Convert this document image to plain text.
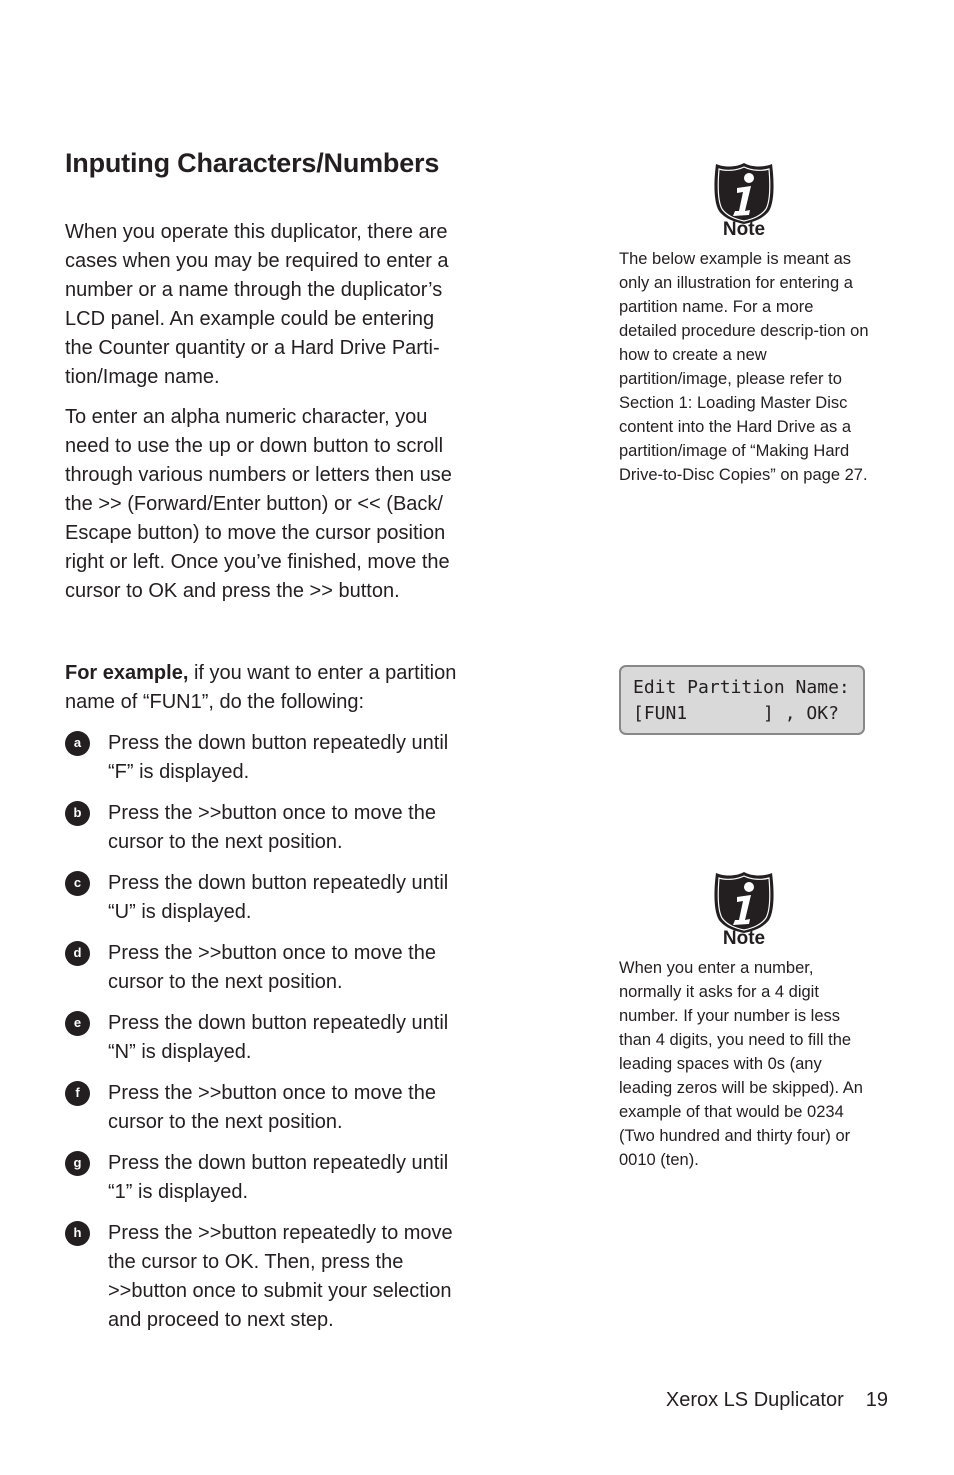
Inputing Characters/Numbers

When you operate this duplicator, there are cases when you may be required to enter a number or a name through the duplicator’s LCD panel. An example could be entering the Counter quantity or a Hard Drive Parti-tion/Image name.

To enter an alpha numeric character, you need to use the up or down button to scroll through various numbers or letters then use the >> (Forward/Enter button) or << (Back/ Escape button) to move the cursor position right or left. Once you’ve finished, move the cursor to OK and press the >> button.

For example, if you want to enter a partition name of “FUN1”, do the following:

a	Press the down button repeatedly until “F” is displayed.
b	Press the >>button once to move the cursor to the next position.
c	Press the down button repeatedly until “U” is displayed.
d	Press the >>button once to move the cursor to the next position.
e	Press the down button repeatedly until “N” is displayed.
f	Press the >>button once to move the cursor to the next position.
g	Press the down button repeatedly until “1” is displayed.
h	Press the >>button repeatedly to move the cursor to OK. Then, press the >>button once to submit your selection and proceed to next step.
Note
The below example is meant as only an illustration for entering a partition name. For a more detailed procedure descrip-tion on how to create a new partition/image, please refer to Section 1: Loading Master Disc content into the Hard Drive as a partition/image of “Making Hard Drive-to-Disc Copies” on page 27.
Edit Partition Name:
[FUN1       ] , OK?
Note
When you enter a number, normally it asks for a 4 digit number. If your number is less than 4 digits, you need to fill the leading spaces with 0s (any leading zeros will be skipped). An example of that would be 0234 (Two hundred and thirty four) or 0010 (ten).
Xerox LS Duplicator 19
